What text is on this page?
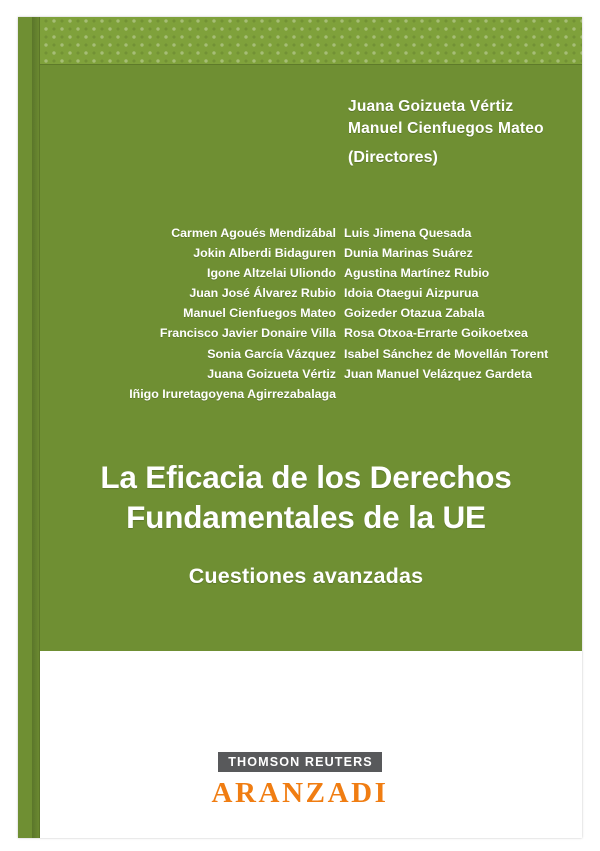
Juana Goizueta Vértiz
Manuel Cienfuegos Mateo
(Directores)
Carmen Agoués Mendizábal
Jokin Alberdi Bidaguren
Igone Altzelai Uliondo
Juan José Álvarez Rubio
Manuel Cienfuegos Mateo
Francisco Javier Donaire Villa
Sonia García Vázquez
Juana Goizueta Vértiz
Iñigo Iruretagoyena Agirrezabalaga
Luis Jimena Quesada
Dunia Marinas Suárez
Agustina Martínez Rubio
Idoia Otaegui Aizpurua
Goizeder Otazua Zabala
Rosa Otxoa-Errarte Goikoetxea
Isabel Sánchez de Movellán Torent
Juan Manuel Velázquez Gardeta
La Eficacia de los Derechos
Fundamentales de la UE
Cuestiones avanzadas
THOMSON REUTERS
ARANZADI
